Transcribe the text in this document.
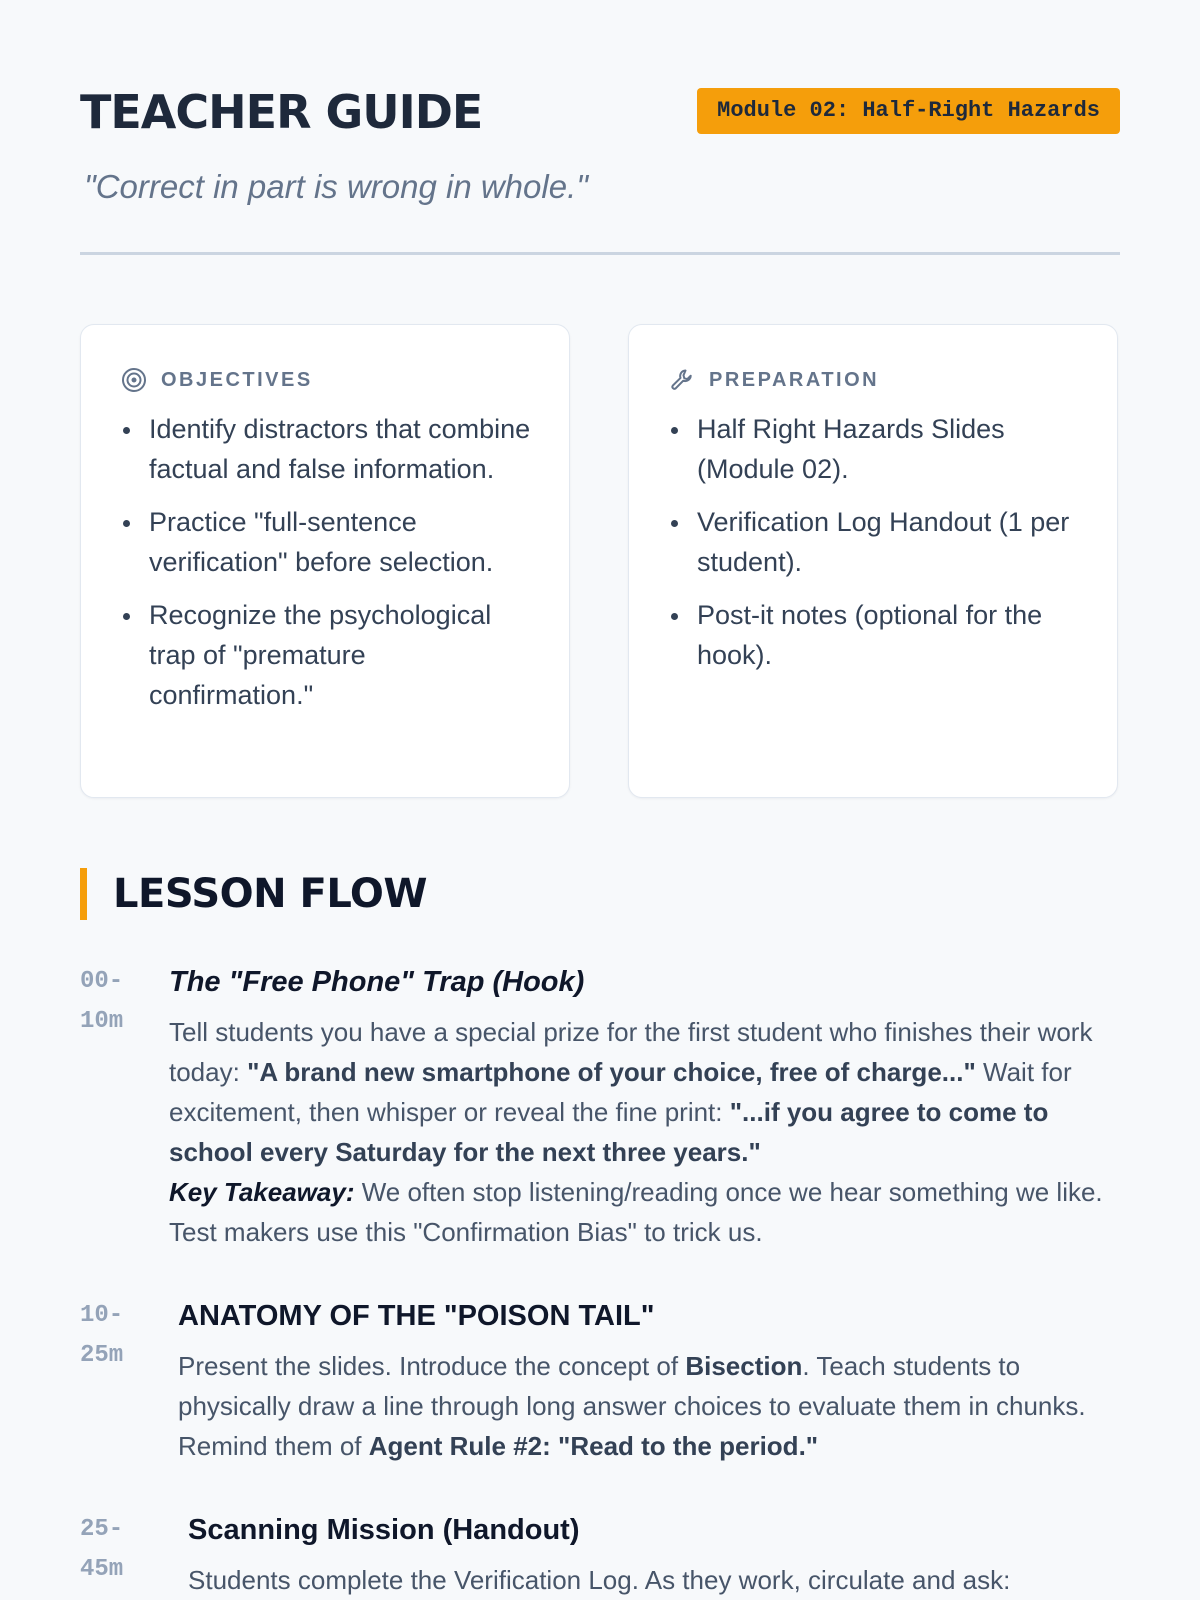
TEACHER GUIDE	Module 02: Half-Right Hazards
"Correct in part is wrong in whole."
OBJECTIVES
Identify distractors that combine factual and false information.
Practice "full-sentence verification" before selection.
Recognize the psychological trap of "premature confirmation."
PREPARATION
Half Right Hazards Slides (Module 02).
Verification Log Handout (1 per student).
Post-it notes (optional for the hook).
LESSON FLOW
00-10m
The "Free Phone" Trap (Hook)
Tell students you have a special prize for the first student who finishes their work today: "A brand new smartphone of your choice, free of charge..." Wait for excitement, then whisper or reveal the fine print: "...if you agree to come to school every Saturday for the next three years."
Key Takeaway: We often stop listening/reading once we hear something we like. Test makers use this "Confirmation Bias" to trick us.
10-25m
ANATOMY OF THE "POISON TAIL"
Present the slides. Introduce the concept of Bisection. Teach students to physically draw a line through long answer choices to evaluate them in chunks. Remind them of Agent Rule #2: "Read to the period."
25-45m
Scanning Mission (Handout)
Students complete the Verification Log. As they work, circulate and ask:
